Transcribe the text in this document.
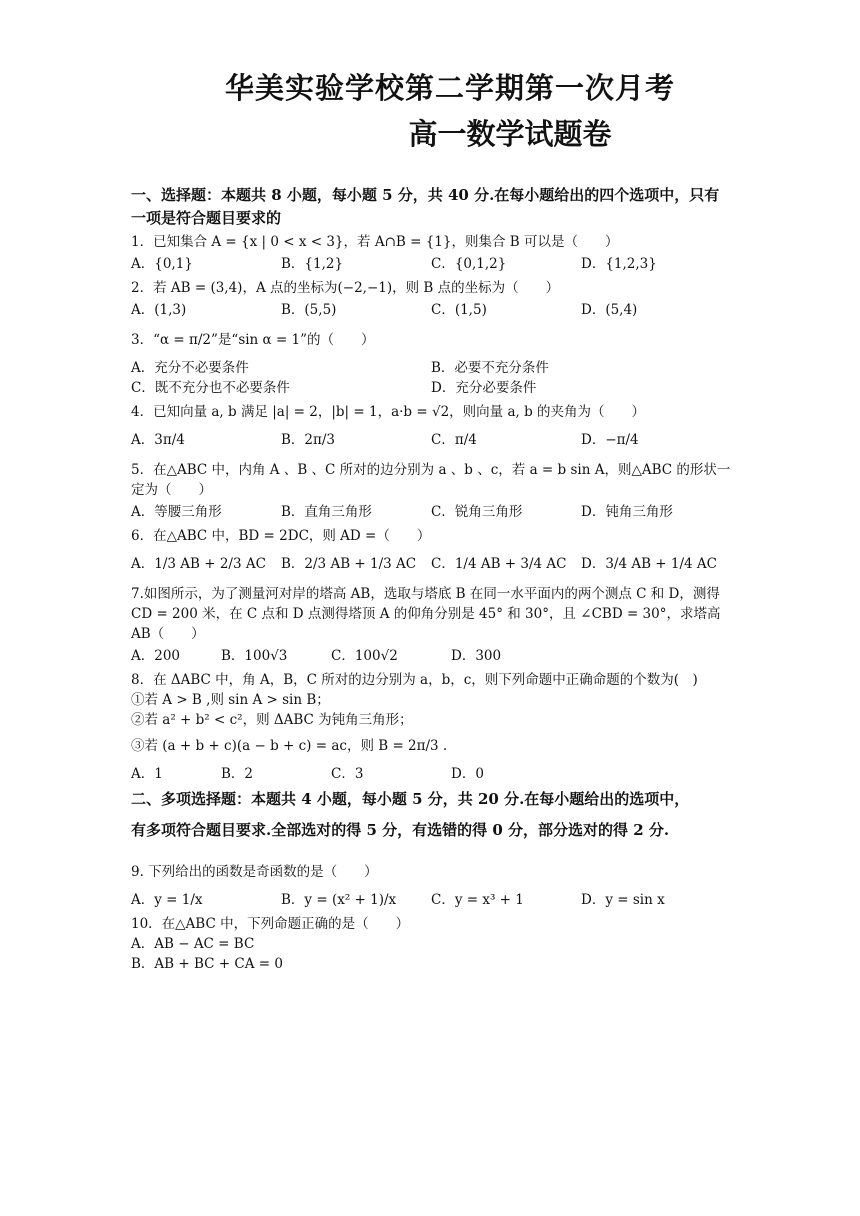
华美实验学校第二学期第一次月考
高一数学试题卷
一、选择题：本题共 8 小题，每小题 5 分，共 40 分.在每小题给出的四个选项中，只有一项是符合题目要求的
1．已知集合 A = {x | 0 < x < 3}，若 A∩B = {1}，则集合 B 可以是（　　）
A．{0,1}	B．{1,2}	C．{0,1,2}	D．{1,2,3}
2．若 AB = (3,4)，A 点的坐标为(−2,−1)，则 B 点的坐标为（　　）
A．(1,3)	B．(5,5)	C．(1,5)	D．(5,4)
3．“α = π/2”是“sin α = 1”的（　　）
A．充分不必要条件	B．必要不充分条件
C．既不充分也不必要条件	D．充分必要条件
4．已知向量 a, b 满足 |a| = 2，|b| = 1，a·b = √2，则向量 a, b 的夹角为（　　）
A．3π/4	B．2π/3	C．π/4	D．−π/4
5．在△ABC 中，内角 A 、B 、C 所对的边分别为 a 、b 、c，若 a = b sin A，则△ABC 的形状一定为（　　）
A．等腰三角形	B．直角三角形	C．锐角三角形	D．钝角三角形
6．在△ABC 中，BD = 2DC，则 AD =（　　）
A．1/3 AB + 2/3 AC	B．2/3 AB + 1/3 AC	C．1/4 AB + 3/4 AC	D．3/4 AB + 1/4 AC
7.如图所示，为了测量河对岸的塔高 AB，选取与塔底 B 在同一水平面内的两个测点 C 和 D，测得 CD = 200 米，在 C 点和 D 点测得塔顶 A 的仰角分别是 45° 和 30°，且 ∠CBD = 30°，求塔高 AB（　　）
A．200	B．100√3	C．100√2	D．300
8．在 ΔABC 中，角 A，B，C 所对的边分别为 a，b，c，则下列命题中正确命题的个数为(　)
①若 A > B ,则 sin A > sin B；
②若 a² + b² < c²，则 ΔABC 为钝角三角形；
③若 (a + b + c)(a − b + c) = ac，则 B = 2π/3 .
A．1	B．2	C．3	D．0
二、多项选择题：本题共 4 小题，每小题 5 分，共 20 分.在每小题给出的选项中，
有多项符合题目要求.全部选对的得 5 分，有选错的得 0 分，部分选对的得 2 分.
9. 下列给出的函数是奇函数的是（　　）
A．y = 1/x	B．y = (x² + 1)/x	C．y = x³ + 1	D．y = sin x
10．在△ABC 中，下列命题正确的是（　　）
A．AB − AC = BC
B．AB + BC + CA = 0
